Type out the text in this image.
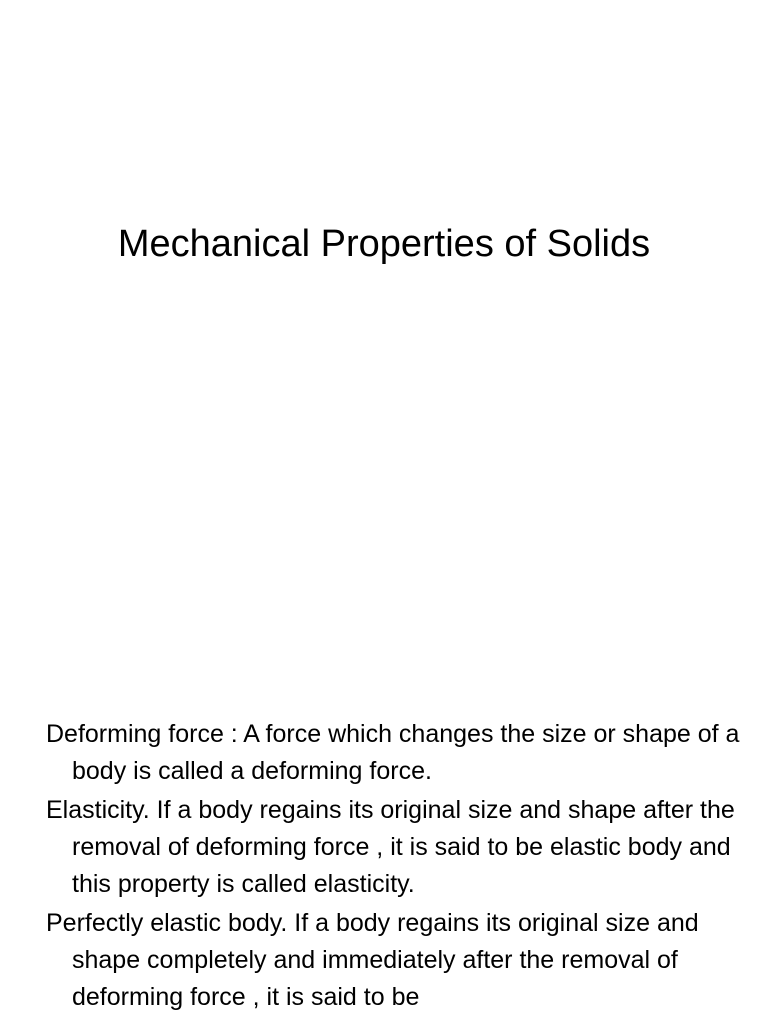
Mechanical Properties of Solids

Deforming force : A force which changes the size or shape of a body is called a deforming force.

Elasticity. If a body regains its original size and shape after the removal of deforming force , it is said to be elastic body and this property is called elasticity.

Perfectly elastic body. If a body regains its original size and shape completely and immediately after the removal of deforming force , it is said to be
